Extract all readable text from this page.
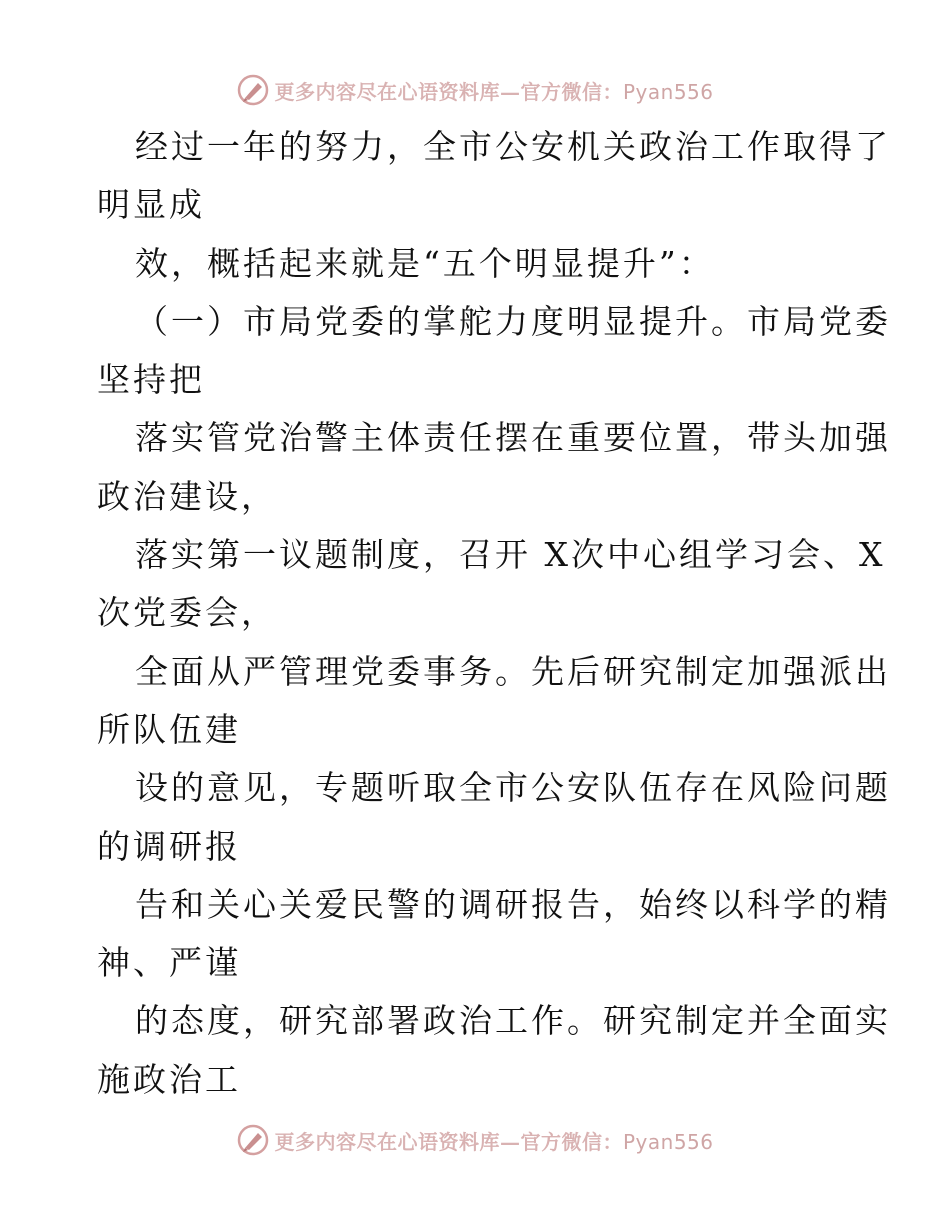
更多内容尽在心语资料库—官方微信：Pyan556
经过一年的努力，全市公安机关政治工作取得了
明显成
效，概括起来就是“五个明显提升”：
（一）市局党委的掌舵力度明显提升。市局党委
坚持把
落实管党治警主体责任摆在重要位置，带头加强
政治建设，
落实第一议题制度，召开 X次中心组学习会、X
次党委会，
全面从严管理党委事务。先后研究制定加强派出
所队伍建
设的意见，专题听取全市公安队伍存在风险问题
的调研报
告和关心关爱民警的调研报告，始终以科学的精
神、严谨
的态度，研究部署政治工作。研究制定并全面实
施政治工
更多内容尽在心语资料库—官方微信：Pyan556
